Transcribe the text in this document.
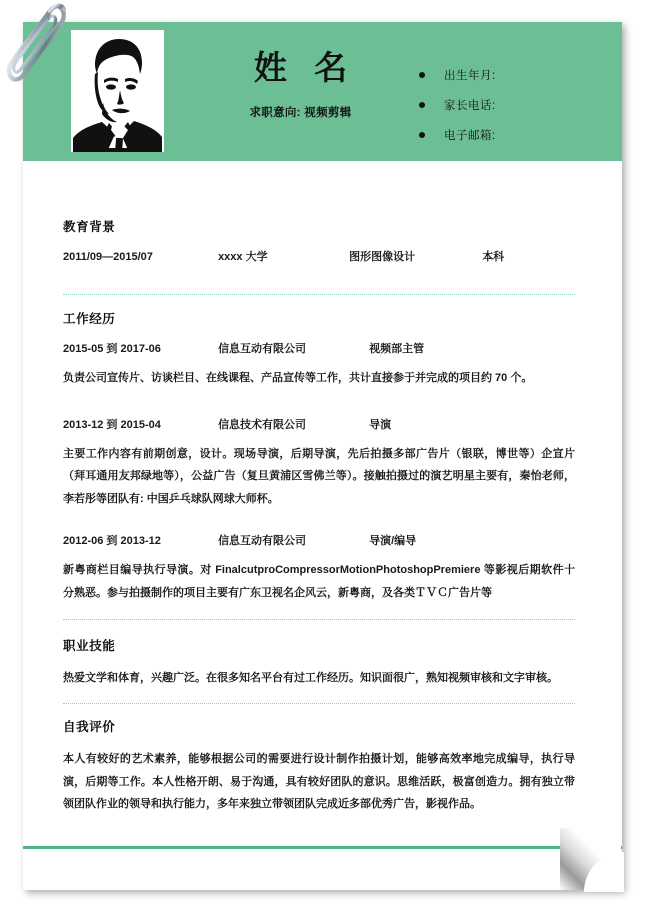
姓 名
求职意向: 视频剪辑
出生年月:
家长电话:
电子邮箱:
教育背景
2011/09—2015/07	xxxx 大学	图形图像设计	本科
工作经历
2015-05 到 2017-06	信息互动有限公司	视频部主管

负责公司宣传片、访谈栏目、在线课程、产品宣传等工作，共计直接参于并完成的项目约 70 个。

2013-12 到 2015-04	信息技术有限公司	导演

主要工作内容有前期创意，设计。现场导演，后期导演，先后拍摄多部广告片（银联，博世等）企宣片（拜耳通用友邦绿地等），公益广告（复旦黄浦区雪佛兰等）。接触拍摄过的演艺明星主要有，秦怡老师，李若彤等团队有: 中国乒乓球队网球大师杯。

2012-06 到 2013-12	信息互动有限公司	导演/编导

新粤商栏目编导执行导演。对 FinalcutproCompressorMotionPhotoshopPremiere 等影视后期软件十分熟恶。参与拍摄制作的项目主要有广东卫视名企风云，新粤商，及各类ＴＶＣ广告片等

职业技能

热爱文学和体育，兴趣广泛。在很多知名平台有过工作经历。知识面很广，熟知视频审核和文字审核。

自我评价

本人有较好的艺术素养，能够根据公司的需要进行设计制作拍摄计划，能够高效率地完成编导，执行导演，后期等工作。本人性格开朗、易于沟通，具有较好团队的意识。思维活跃，极富创造力。拥有独立带领团队作业的领导和执行能力，多年来独立带领团队完成近多部优秀广告，影视作品。
